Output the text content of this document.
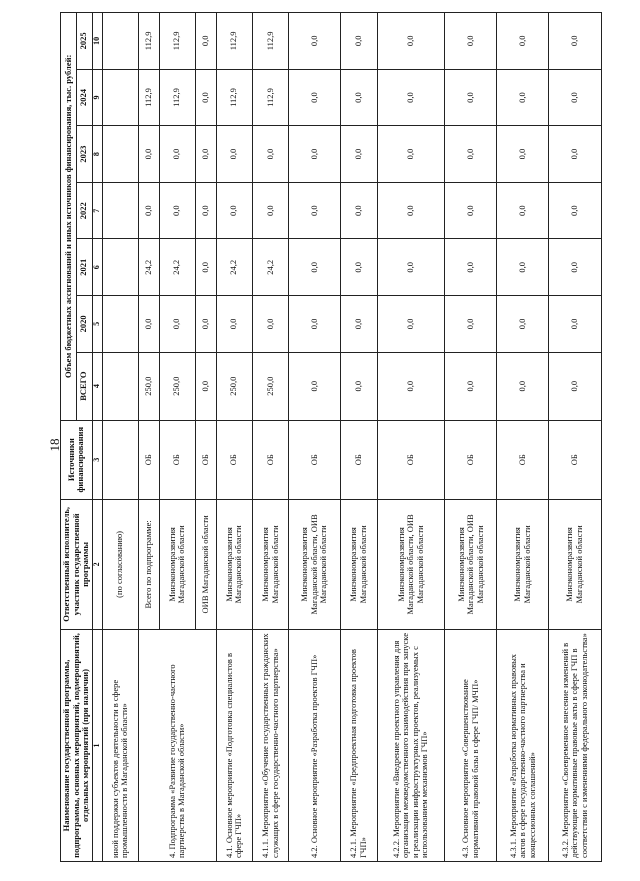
18
Наименование государственной программы, подпрограммы, основных мероприятий, подмероприятий, отдельных мероприятий (при наличии)	Ответственный исполнитель, участник государственной программы	Источники финансирования	Объем бюджетных ассигнований и иных источников финансирования, тыс. рублей:						
			ВСЕГО	2020	2021	2022	2023	2024	2025
1	2	3	4	5	6	7	8	9	10
иной поддержки субъектов деятельности в сфере промышленности в Магаданской области»	(по согласованию)								
4. Подпрограмма «Развитие государственно-частного партнерства в Магаданской области»	Всего по подпрограмме:	ОБ	250,0	0,0	24,2	0,0	0,0	112,9	112,9
	Минэкономразвития Магаданской области	ОБ	250,0	0,0	24,2	0,0	0,0	112,9	112,9
	ОИВ Магаданской области	ОБ	0,0	0,0	0,0	0,0	0,0	0,0	0,0
4.1. Основное мероприятие «Подготовка специалистов в сфере ГЧП»	Минэкономразвития Магаданской области	ОБ	250,0	0,0	24,2	0,0	0,0	112,9	112,9
4.1.1. Мероприятие «Обучение государственных гражданских служащих в сфере государственно-частного партнерства»	Минэкономразвития Магаданской области	ОБ	250,0	0,0	24,2	0,0	0,0	112,9	112,9
4.2. Основное мероприятие «Разработка проектов ГЧП»	Минэкономразвития Магаданской области, ОИВ Магаданской области	ОБ	0,0	0,0	0,0	0,0	0,0	0,0	0,0
4.2.1. Мероприятие «Предпроектная подготовка проектов ГЧП»	Минэкономразвития Магаданской области	ОБ	0,0	0,0	0,0	0,0	0,0	0,0	0,0
4.2.2. Мероприятие «Внедрение проектного управления для организации межведомственного взаимодействия при запуске и реализации инфраструктурных проектов, реализуемых с использованием механизмов ГЧП»	Минэкономразвития Магаданской области, ОИВ Магаданской области	ОБ	0,0	0,0	0,0	0,0	0,0	0,0	0,0
4.3. Основное мероприятие «Совершенствование нормативной правовой базы в сфере ГЧП/ МЧП»	Минэкономразвития Магаданской области, ОИВ Магаданской области	ОБ	0,0	0,0	0,0	0,0	0,0	0,0	0,0
4.3.1. Мероприятие «Разработка нормативных правовых актов в сфере государственно-частного партнерства и концессионных соглашений»	Минэкономразвития Магаданской области	ОБ	0,0	0,0	0,0	0,0	0,0	0,0	0,0
4.3.2. Мероприятие «Своевременное внесение изменений в действующие нормативные правовые акты в сфере ГЧП в соответствии с изменениями федерального законодательства»	Минэкономразвития Магаданской области	ОБ	0,0	0,0	0,0	0,0	0,0	0,0	0,0
